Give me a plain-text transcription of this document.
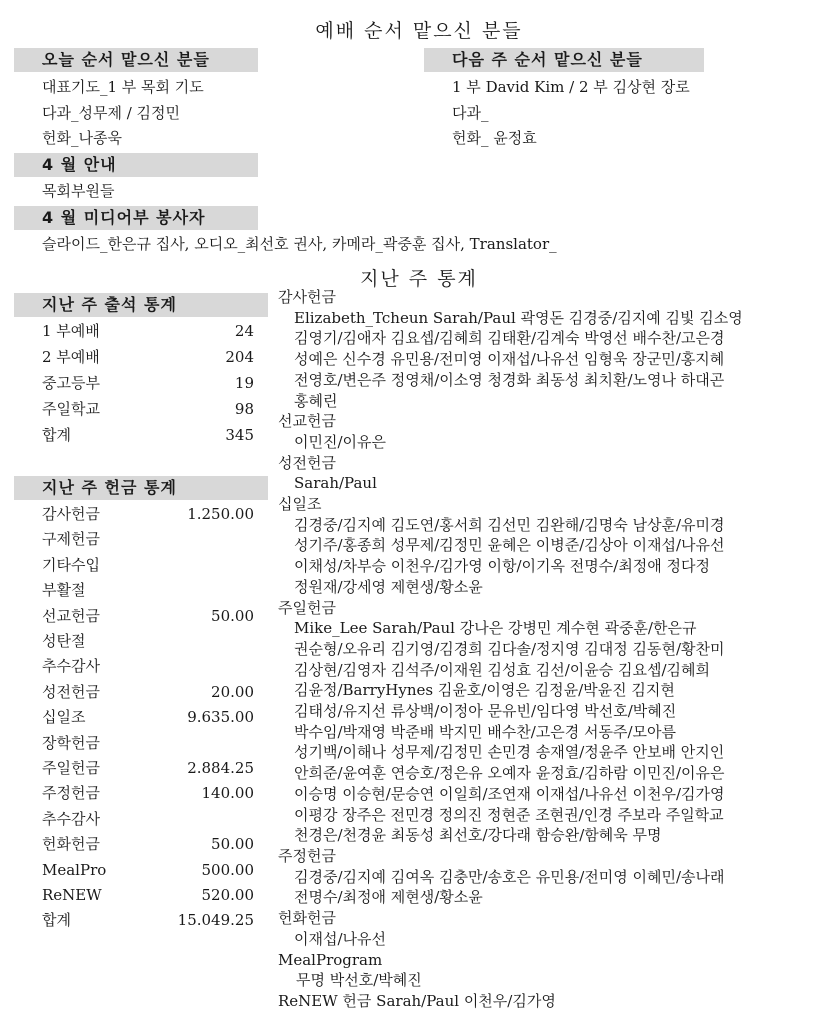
예배 순서 맡으신 분들
오늘 순서 맡으신 분들	다음 주 순서 맡으신 분들
대표기도_1 부 목회 기도
다과_성무제 / 김정민
헌화_나종욱
1 부 David Kim / 2 부 김상현 장로
다과_
헌화_ 윤정효
4 월 안내
목회부원들
4 월 미디어부 봉사자
슬라이드_한은규 집사, 오디오_최선호 권사, 카메라_곽중훈 집사, Translator_
지난 주 통계
지난 주 출석 통계
1 부예배	24
2 부예배	204
중고등부	19
주일학교	98
합계	345
지난 주 헌금 통계
감사헌금	1.250.00
구제헌금
기타수입
부활절
선교헌금	50.00
성탄절
추수감사
성전헌금	20.00
십일조	9.635.00
장학헌금
주일헌금	2.884.25
주정헌금	140.00
추수감사
헌화헌금	50.00
MealPro	500.00
ReNEW	520.00
합계	15.049.25
감사헌금
Elizabeth_Tcheun Sarah/Paul 곽영돈 김경중/김지예 김빛 김소영
김영기/김애자 김요셉/김혜희 김태환/김계숙 박영선 배수찬/고은경
성예은 신수경 유민용/전미영 이재섭/나유선 임형욱 장군민/홍지혜
전영호/변은주 정영채/이소영 청경화 최동성 최치환/노영나 하대곤
홍혜린
선교헌금
이민진/이유은
성전헌금
Sarah/Paul
십일조
김경중/김지예 김도연/홍서희 김선민 김완해/김명숙 남상훈/유미경
성기주/홍종희 성무제/김정민 윤혜은 이병준/김상아 이재섭/나유선
이채성/차부승 이천우/김가영 이항/이기옥 전명수/최정애 정다정
정원재/강세영 제현생/황소윤
주일헌금
Mike_Lee Sarah/Paul 강나은 강병민 계수현 곽중훈/한은규
권순형/오유리 김기영/김경희 김다솔/정지영 김대정 김동현/황찬미
김상현/김영자 김석주/이재원 김성효 김선/이윤승 김요셉/김혜희
김윤정/BarryHynes 김윤호/이영은 김정윤/박윤진 김지현
김태성/유지선 류상백/이정아 문유빈/임다영 박선호/박혜진
박수임/박재영 박준배 박지민 배수찬/고은경 서동주/모아름
성기백/이해나 성무제/김정민 손민경 송재열/정윤주 안보배 안지인
안희준/윤여훈 연승호/정은유 오예자 윤정효/김하람 이민진/이유은
이승명 이승현/문승연 이일희/조연재 이재섭/나유선 이천우/김가영
이평강 장주은 전민경 정의진 정현준 조현권/인경 주보라 주일학교
천경은/천경윤 최동성 최선호/강다래 함승완/함혜욱 무명
주정헌금
김경중/김지예 김여옥 김충만/송호은 유민용/전미영 이혜민/송나래
전명수/최정애 제현생/황소윤
헌화헌금
이재섭/나유선
MealProgram
무명 박선호/박혜진
ReNEW 헌금 Sarah/Paul 이천우/김가영
